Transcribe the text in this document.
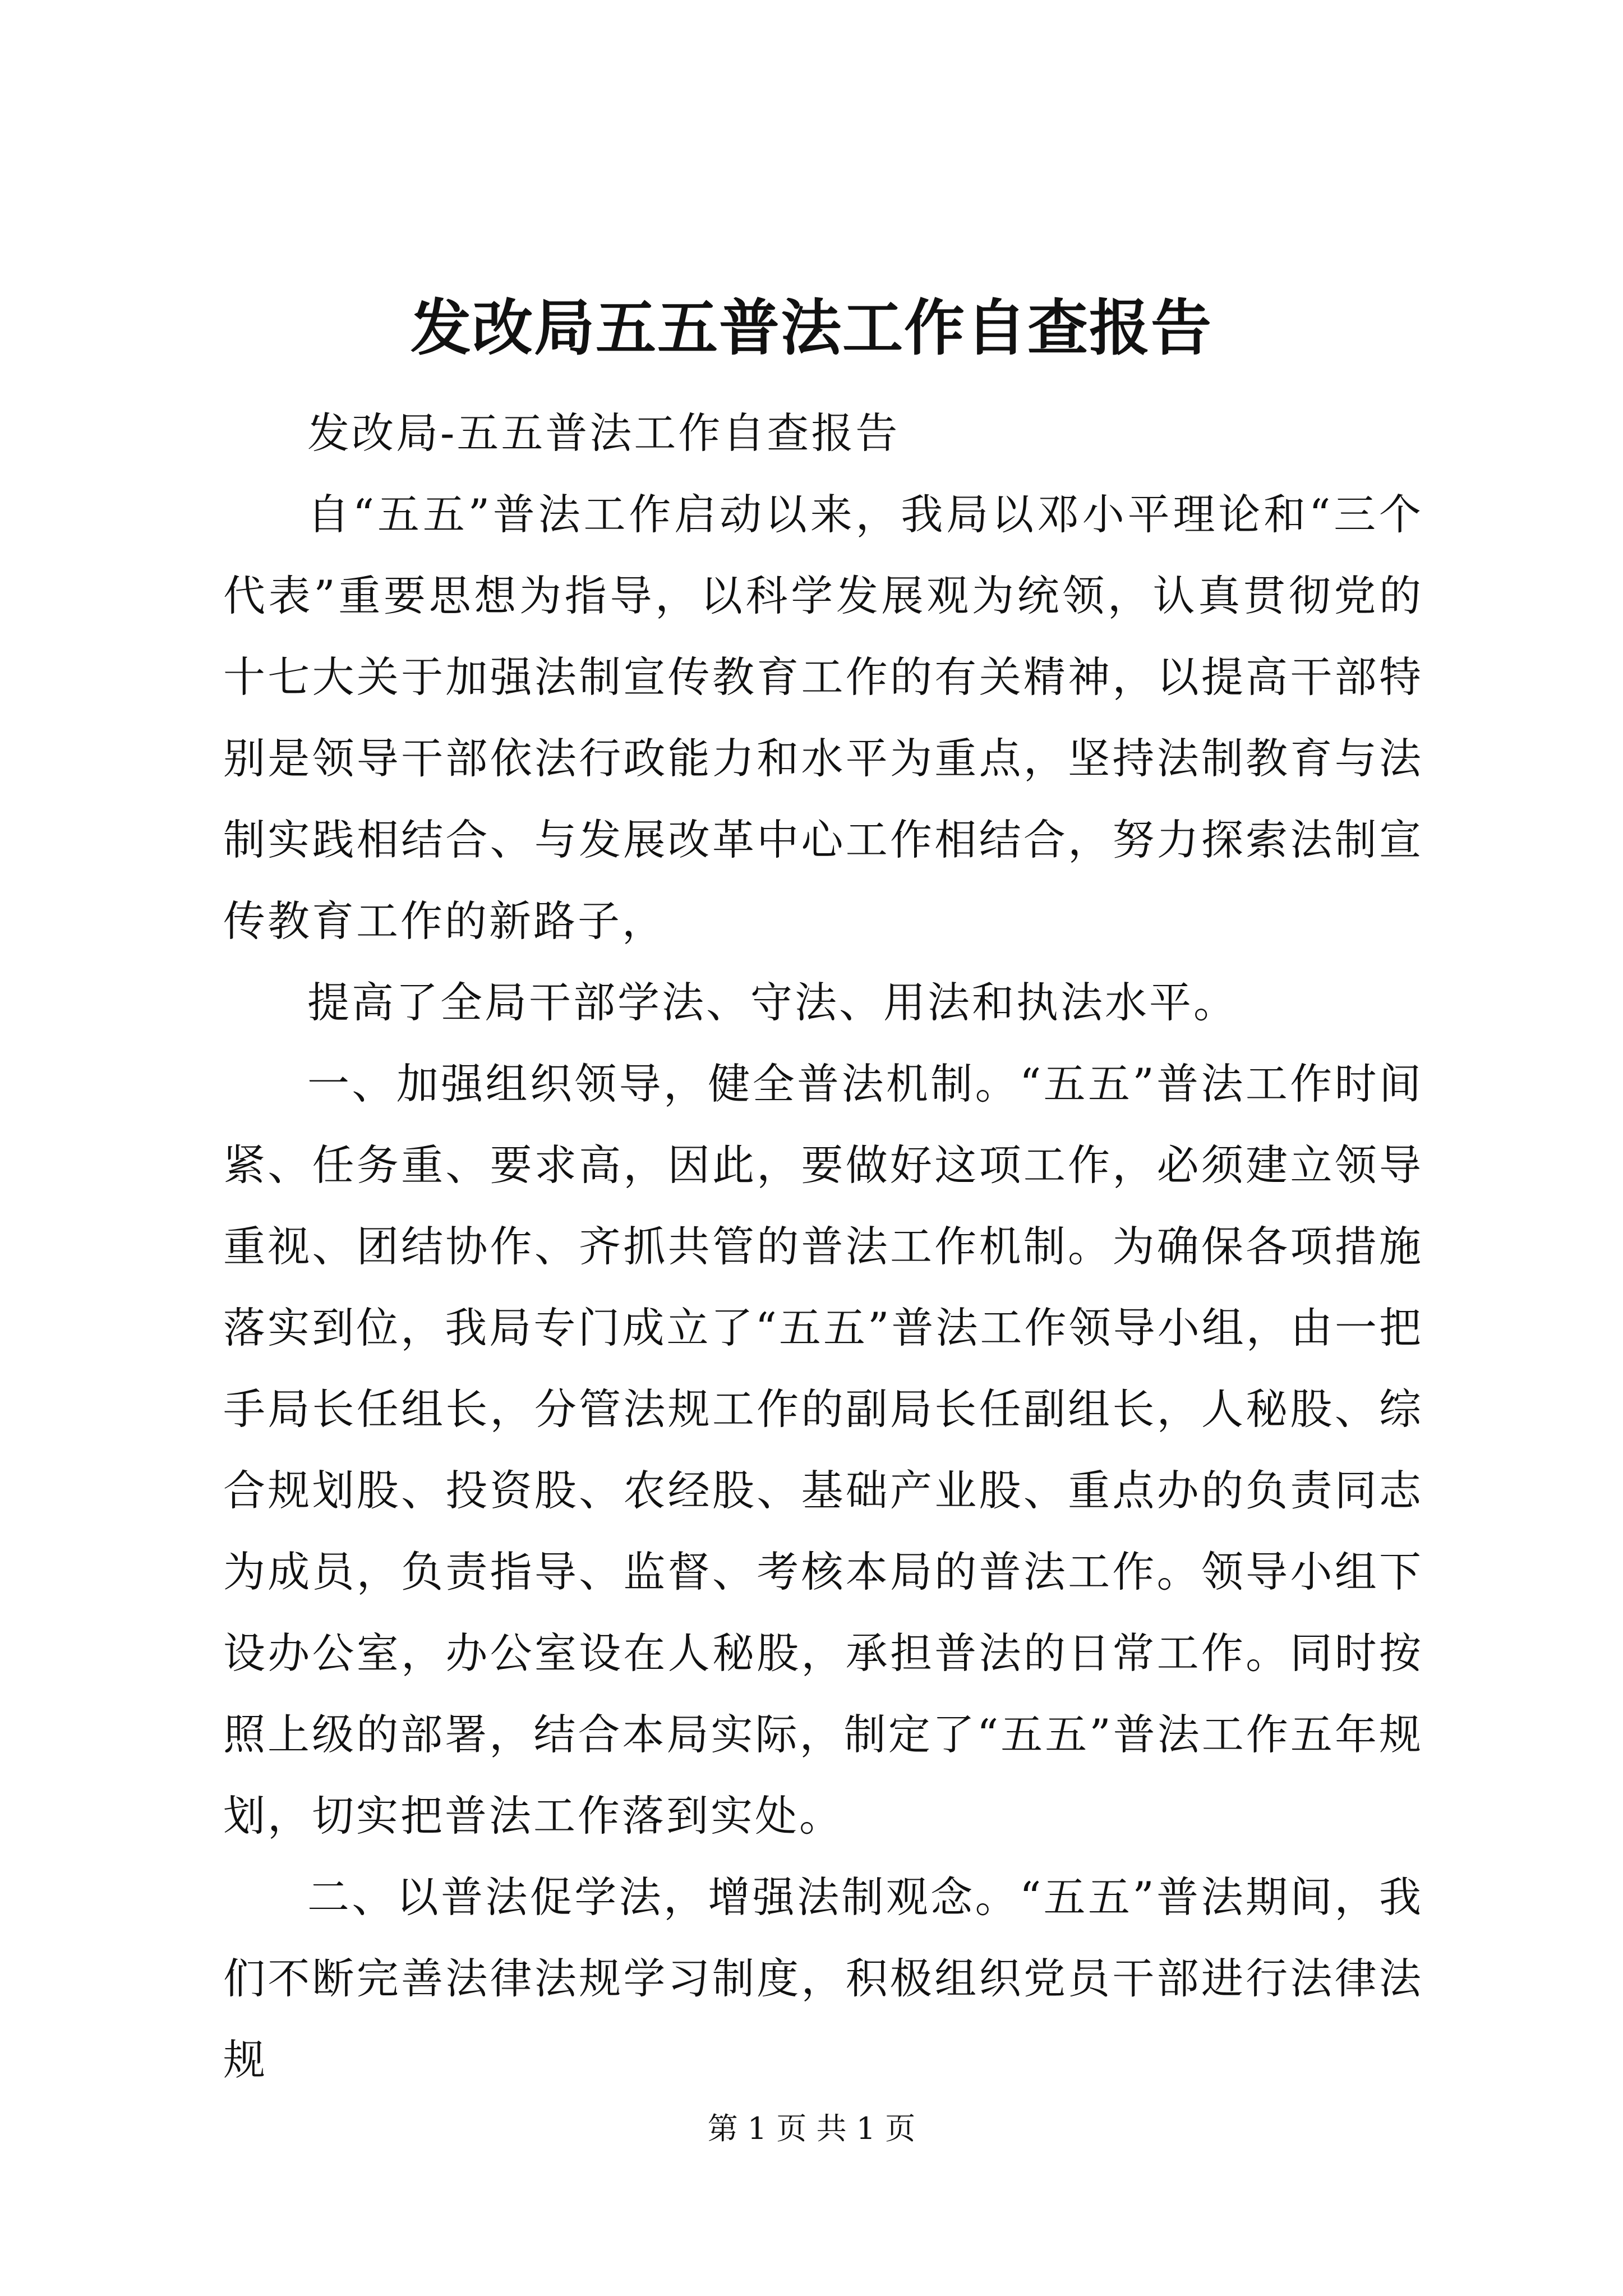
发改局五五普法工作自查报告

发改局-五五普法工作自查报告

自“五五”普法工作启动以来，我局以邓小平理论和“三个代表”重要思想为指导，以科学发展观为统领，认真贯彻党的十七大关于加强法制宣传教育工作的有关精神，以提高干部特别是领导干部依法行政能力和水平为重点，坚持法制教育与法制实践相结合、与发展改革中心工作相结合，努力探索法制宣传教育工作的新路子，

提高了全局干部学法、守法、用法和执法水平。

一、加强组织领导，健全普法机制。“五五”普法工作时间紧、任务重、要求高，因此，要做好这项工作，必须建立领导重视、团结协作、齐抓共管的普法工作机制。为确保各项措施落实到位，我局专门成立了“五五”普法工作领导小组，由一把手局长任组长，分管法规工作的副局长任副组长，人秘股、综合规划股、投资股、农经股、基础产业股、重点办的负责同志为成员，负责指导、监督、考核本局的普法工作。领导小组下设办公室，办公室设在人秘股，承担普法的日常工作。同时按照上级的部署，结合本局实际，制定了“五五”普法工作五年规划，切实把普法工作落到实处。

二、以普法促学法，增强法制观念。“五五”普法期间，我们不断完善法律法规学习制度，积极组织党员干部进行法律法规

第 1 页 共 1 页
